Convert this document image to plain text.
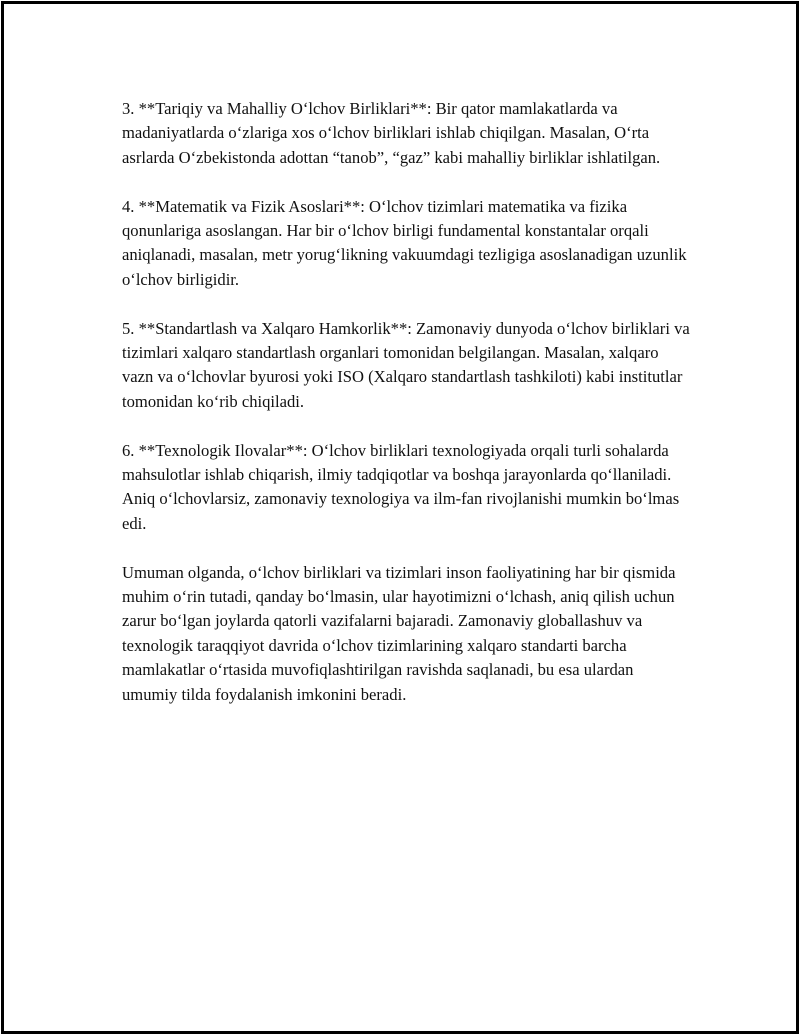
3. **Tariqiy va Mahalliy O‘lchov Birliklari**: Bir qator mamlakatlarda va madaniyatlarda o‘zlariga xos o‘lchov birliklari ishlab chiqilgan. Masalan, O‘rta asrlarda O‘zbekistonda adottan “tanob”, “gaz” kabi mahalliy birliklar ishlatilgan.

4. **Matematik va Fizik Asoslari**: O‘lchov tizimlari matematika va fizika qonunlariga asoslangan. Har bir o‘lchov birligi fundamental konstantalar orqali aniqlanadi, masalan, metr yorug‘likning vakuumdagi tezligiga asoslanadigan uzunlik o‘lchov birligidir.

5. **Standartlash va Xalqaro Hamkorlik**: Zamonaviy dunyoda o‘lchov birliklari va tizimlari xalqaro standartlash organlari tomonidan belgilangan. Masalan, xalqaro vazn va o‘lchovlar byurosi yoki ISO (Xalqaro standartlash tashkiloti) kabi institutlar tomonidan ko‘rib chiqiladi.

6. **Texnologik Ilovalar**: O‘lchov birliklari texnologiyada orqali turli sohalarda mahsulotlar ishlab chiqarish, ilmiy tadqiqotlar va boshqa jarayonlarda qo‘llaniladi. Aniq o‘lchovlarsiz, zamonaviy texnologiya va ilm-fan rivojlanishi mumkin bo‘lmas edi.

Umuman olganda, o‘lchov birliklari va tizimlari inson faoliyatining har bir qismida muhim o‘rin tutadi, qanday bo‘lmasin, ular hayotimizni o‘lchash, aniq qilish uchun zarur bo‘lgan joylarda qatorli vazifalarni bajaradi. Zamonaviy globallashuv va texnologik taraqqiyot davrida o‘lchov tizimlarining xalqaro standarti barcha mamlakatlar o‘rtasida muvofiqlashtirilgan ravishda saqlanadi, bu esa ulardan umumiy tilda foydalanish imkonini beradi.
